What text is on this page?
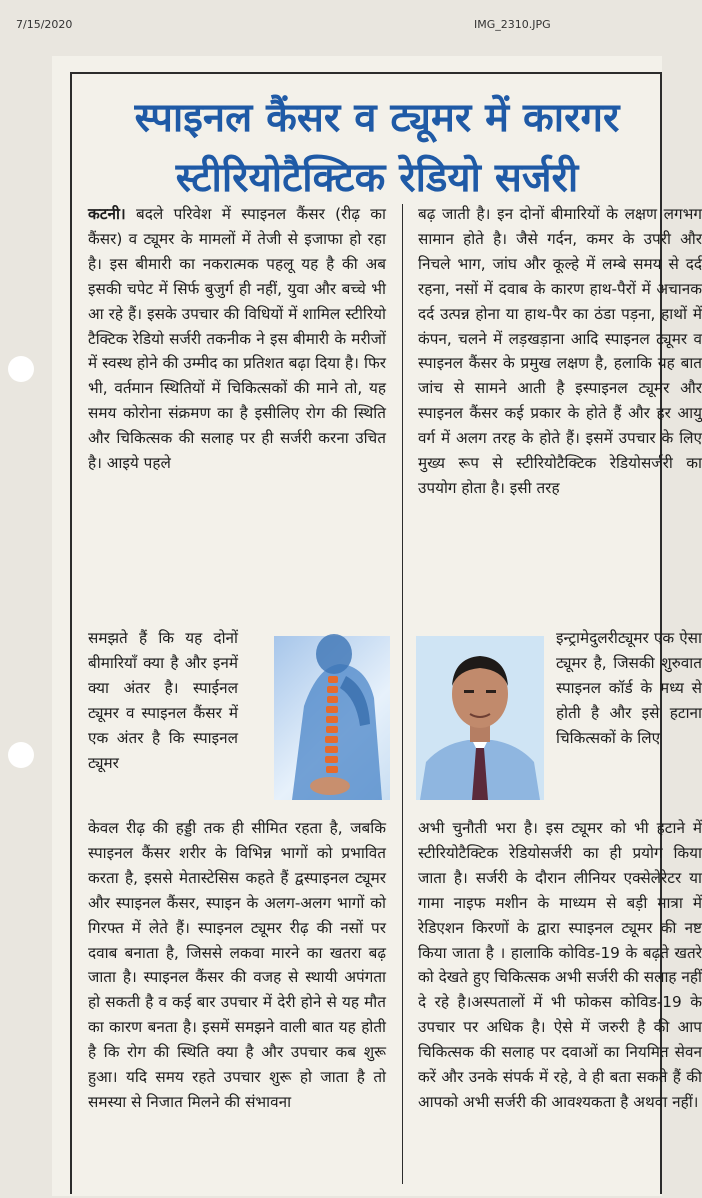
7/15/2020	IMG_2310.JPG
स्पाइनल कैंसर व ट्यूमर में कारगर
स्टीरियोटैक्टिक रेडियो सर्जरी
कटनी। बदले परिवेश में स्पाइनल कैंसर (रीढ़ का कैंसर) व ट्यूमर के मामलों में तेजी से इजाफा हो रहा है। इस बीमारी का नकरात्मक पहलू यह है की अब इसकी चपेट में सिर्फ बुजुर्ग ही नहीं, युवा और बच्चे भी आ रहे हैं। इसके उपचार की विधियों में शामिल स्टीरियो टैक्टिक रेडियो सर्जरी तकनीक ने इस बीमारी के मरीजों में स्वस्थ होने की उम्मीद का प्रतिशत बढ़ा दिया है। फिर भी, वर्तमान स्थितियों में चिकित्सकों की माने तो, यह समय कोरोना संक्रमण का है इसीलिए रोग की स्थिति और चिकित्सक की सलाह पर ही सर्जरी करना उचित है। आइये पहले
समझते हैं कि यह दोनों बीमारियाँ क्या है और इनमें क्या अंतर है। स्पाईनल ट्यूमर व स्पाइनल कैंसर में एक अंतर है कि स्पाइनल ट्यूमर
बढ़ जाती है। इन दोनों बीमारियों के लक्षण लगभग सामान होते है। जैसे गर्दन, कमर के उपरी और निचले भाग, जांघ और कूल्हे में लम्बे समय से दर्द रहना, नसों में दवाब के कारण हाथ-पैरों में अचानक दर्द उत्पन्न होना या हाथ-पैर का ठंडा पड़ना, हाथों में कंपन, चलने में लड़खड़ाना आदि स्पाइनल ट्यूमर व स्पाइनल कैंसर के प्रमुख लक्षण है, हलाकि यह बात जांच से सामने आती है इस्पाइनल ट्यूमर और स्पाइनल कैंसर कई प्रकार के होते हैं और हर आयु वर्ग में अलग तरह के होते हैं। इसमें उपचार के लिए मुख्य रूप से स्टीरियोटैक्टिक रेडियोसर्जरी का उपयोग होता है। इसी तरह
इन्ट्रामेदुलरीट्यूमर एक ऐसा ट्यूमर है, जिसकी शुरुवात स्पाइनल कॉर्ड के मध्य से होती है और इसे हटाना चिकित्सकों के लिए
केवल रीढ़ की हड्डी तक ही सीमित रहता है, जबकि स्पाइनल कैंसर शरीर के विभिन्न भागों को प्रभावित करता है, इससे मेतास्टेसिस कहते हैं द्वस्पाइनल ट्यूमर और स्पाइनल कैंसर, स्पाइन के अलग-अलग भागों को गिरफ्त में लेते हैं। स्पाइनल ट्यूमर रीढ़ की नसों पर दवाब बनाता है, जिससे लकवा मारने का खतरा बढ़ जाता है। स्पाइनल कैंसर की वजह से स्थायी अपंगता हो सकती है व कई बार उपचार में देरी होने से यह मौत का कारण बनता है। इसमें समझने वाली बात यह होती है कि रोग की स्थिति क्या है और उपचार कब शुरू हुआ। यदि समय रहते उपचार शुरू हो जाता है तो समस्या से निजात मिलने की संभावना
अभी चुनौती भरा है। इस ट्यूमर को भी हटाने में स्टीरियोटैक्टिक रेडियोसर्जरी का ही प्रयोग किया जाता है। सर्जरी के दौरान लीनियर एक्सेलेरेटर या गामा नाइफ मशीन के माध्यम से बड़ी मात्रा में रेडिएशन किरणों के द्वारा स्पाइनल ट्यूमर की नष्ट किया जाता है । हालाकि कोविड-19 के बढ़ते खतरे को देखते हुए चिकित्सक अभी सर्जरी की सलाह नहीं दे रहे है।अस्पतालों में भी फोकस कोविड-19 के उपचार पर अधिक है। ऐसे में जरुरी है की आप चिकित्सक की सलाह पर दवाओं का नियमित सेवन करें और उनके संपर्क में रहे, वे ही बता सकते हैं की आपको अभी सर्जरी की आवश्यकता है अथवा नहीं।
